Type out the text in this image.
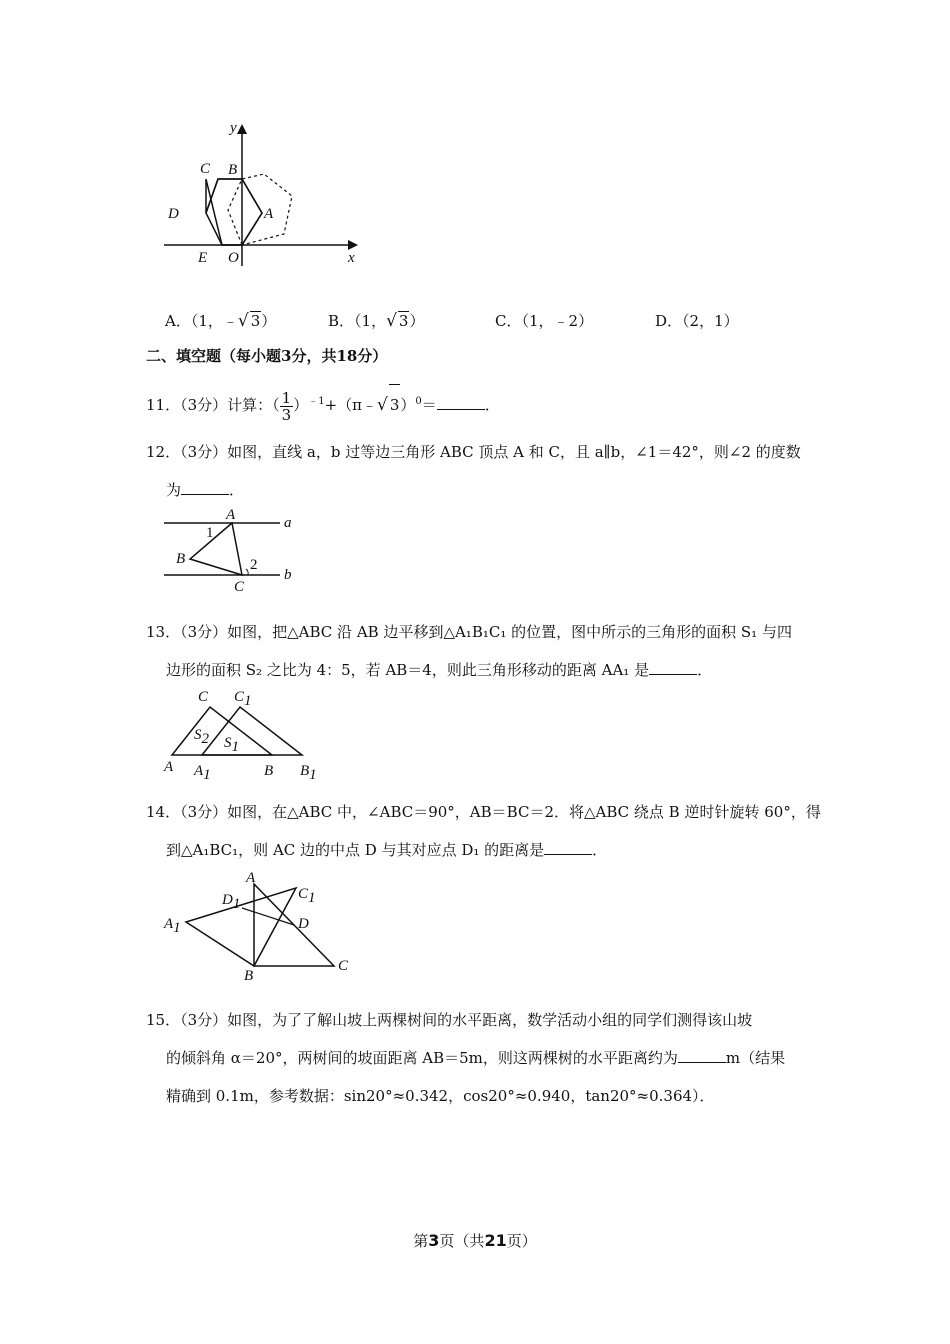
y
x
C B
D	A
E O
A．（1，﹣√ 3）	B．（1，√ 3）	C．（1，﹣2）	D．（2，1）
二、填空题（每小题3分，共18分）
11．（3分）计算：（ $\frac{1}{3}$ ）$^{﹣1}$+（π﹣√ 3）$^0$＝	．
12．（3分）如图，直线 a，b 过等边三角形 ABC 顶点 A 和 C，且 a∥b，∠1＝42°，则∠2 的度数
为	．
A	a
1
B	2
C
b
13．（3分）如图，把△ABC 沿 AB 边平移到△A₁B₁C₁ 的位置，图中所示的三角形的面积 S₁ 与四
边形的面积 S₂ 之比为 4：5，若 AB＝4，则此三角形移动的距离 AA₁ 是	．
C C1
S2 S1
A A1	B B1
14．（3分）如图，在△ABC 中，∠ABC＝90°，AB＝BC＝2．将△ABC 绕点 B 逆时针旋转 60°，得
到△A₁BC₁，则 AC 边的中点 D 与其对应点 D₁ 的距离是	．
A
D1
C1
D
A1
B
C
15．（3分）如图，为了了解山坡上两棵树间的水平距离，数学活动小组的同学们测得该山坡
的倾斜角 α＝20°，两树间的坡面距离 AB＝5m，则这两棵树的水平距离约为	m（结果
精确到 0.1m，参考数据：sin20°≈0.342，cos20°≈0.940，tan20°≈0.364）．
第3页（共21页）
